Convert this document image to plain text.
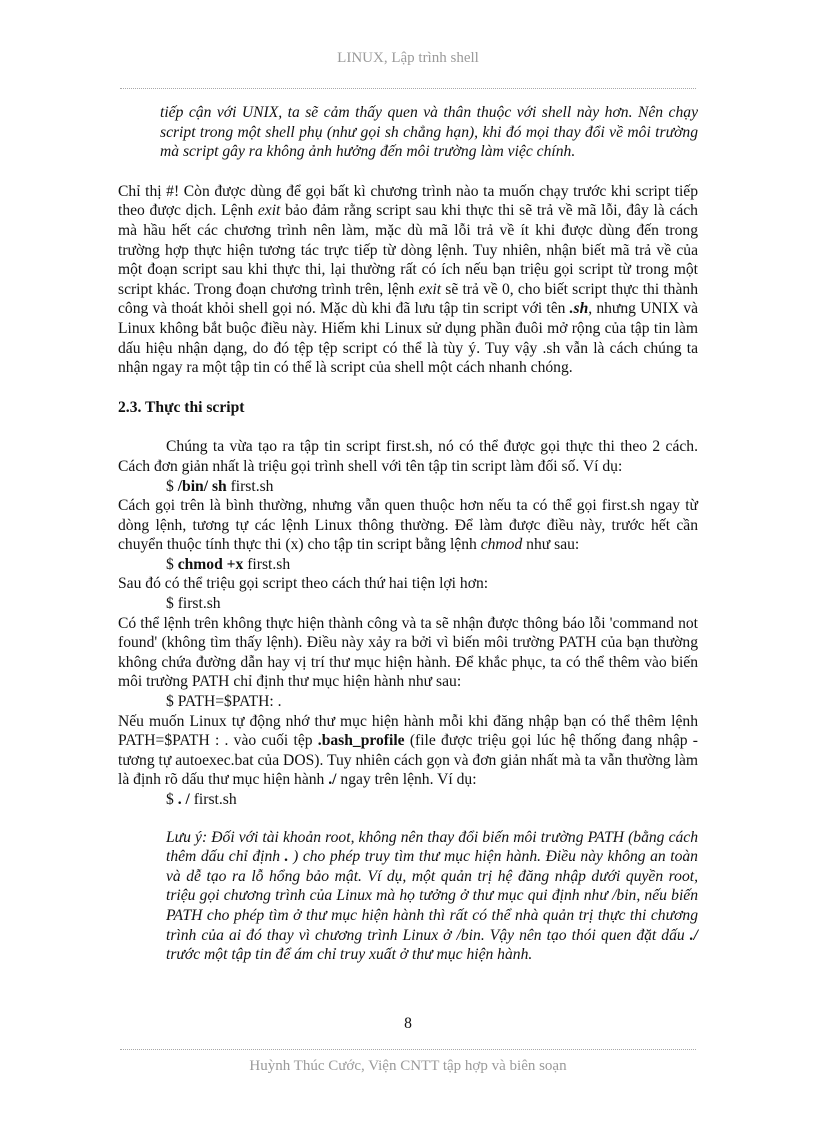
LINUX, Lập trình shell

tiếp cận với UNIX, ta sẽ cảm thấy quen và thân thuộc với shell này hơn. Nên chạy script trong một shell phụ (như gọi sh chẳng hạn), khi đó mọi thay đổi về môi trường mà script gây ra không ảnh hưởng đến môi trường làm việc chính.

Chỉ thị #! Còn được dùng để gọi bất kì chương trình nào ta muốn chạy trước khi script tiếp theo được dịch. Lệnh exit bảo đảm rằng script sau khi thực thi sẽ trả về mã lỗi, đây là cách mà hầu hết các chương trình nên làm, mặc dù mã lỗi trả về ít khi được dùng đến trong trường hợp thực hiện tương tác trực tiếp từ dòng lệnh. Tuy nhiên, nhận biết mã trả về của một đoạn script sau khi thực thi, lại thường rất có ích nếu bạn triệu gọi script từ trong một script khác. Trong đoạn chương trình trên, lệnh exit sẽ trả về 0, cho biết script thực thi thành công và thoát khỏi shell gọi nó. Mặc dù khi đã lưu tập tin script với tên .sh, nhưng UNIX và Linux không bắt buộc điều này. Hiếm khi Linux sử dụng phần đuôi mở rộng của tập tin làm dấu hiệu nhận dạng, do đó tệp tệp script có thể là tùy ý. Tuy vậy .sh vẫn là cách chúng ta nhận ngay ra một tập tin có thể là script của shell một cách nhanh chóng.

2.3. Thực thi script

Chúng ta vừa tạo ra tập tin script first.sh, nó có thể được gọi thực thi theo 2 cách. Cách đơn giản nhất là triệu gọi trình shell với tên tập tin script làm đối số. Ví dụ:

$ /bin/ sh first.sh

Cách gọi trên là bình thường, nhưng vẫn quen thuộc hơn nếu ta có thể gọi first.sh ngay từ dòng lệnh, tương tự các lệnh Linux thông thường. Để làm được điều này, trước hết cần chuyển thuộc tính thực thi (x) cho tập tin script bằng lệnh chmod như sau:

$ chmod +x first.sh

Sau đó có thể triệu gọi script theo cách thứ hai tiện lợi hơn:

$ first.sh

Có thể lệnh trên không thực hiện thành công và ta sẽ nhận được thông báo lỗi 'command not found' (không tìm thấy lệnh). Điều này xảy ra bởi vì biến môi trường PATH của bạn thường không chứa đường dẫn hay vị trí thư mục hiện hành. Để khắc phục, ta có thể thêm vào biến môi trường PATH chỉ định thư mục hiện hành như sau:

$ PATH=$PATH: .

Nếu muốn Linux tự động nhớ thư mục hiện hành mỗi khi đăng nhập bạn có thể thêm lệnh PATH=$PATH : . vào cuối tệp .bash_profile (file được triệu gọi lúc hệ thống đang nhập - tương tự autoexec.bat của DOS). Tuy nhiên cách gọn và đơn giản nhất mà ta vẫn thường làm là định rõ dấu thư mục hiện hành ./ ngay trên lệnh. Ví dụ:

$ . / first.sh

Lưu ý: Đối với tài khoản root, không nên thay đổi biến môi trường PATH (bằng cách thêm dấu chỉ định . ) cho phép truy tìm thư mục hiện hành. Điều này không an toàn và dễ tạo ra lỗ hổng bảo mật. Ví dụ, một quản trị hệ đăng nhập dưới quyền root, triệu gọi chương trình của Linux mà họ tưởng ở thư mục qui định như /bin, nếu biến PATH cho phép tìm ở thư mục hiện hành thì rất có thể nhà quản trị thực thi chương trình của ai đó thay vì chương trình Linux ở /bin. Vậy nên tạo thói quen đặt dấu ./ trước một tập tin để ám chỉ truy xuất ở thư mục hiện hành.

8
Huỳnh Thúc Cước, Viện CNTT tập hợp và biên soạn
